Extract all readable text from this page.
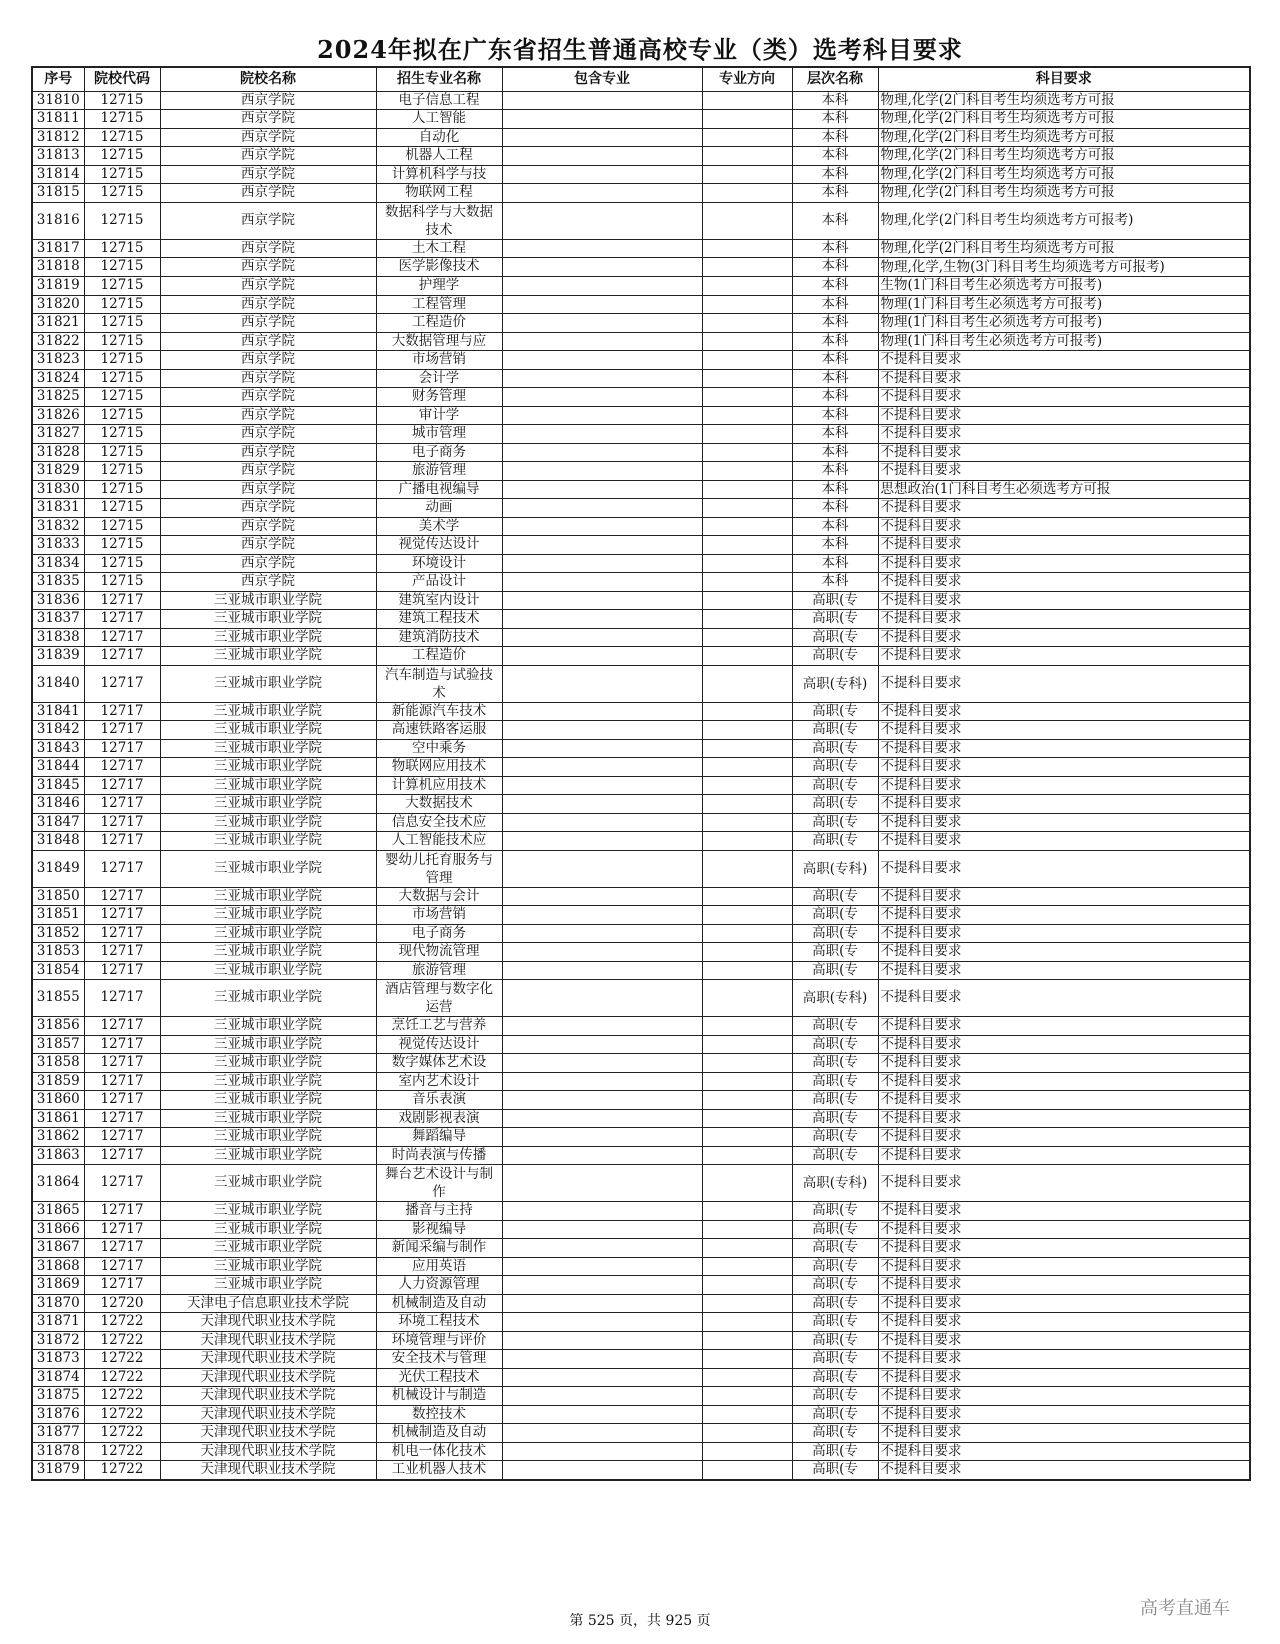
2024年拟在广东省招生普通高校专业（类）选考科目要求
序号	院校代码	院校名称	招生专业名称	包含专业	专业方向	层次名称	科目要求
31810	12715	西京学院	电子信息工程			本科	物理,化学(2门科目考生均须选考方可报
31811	12715	西京学院	人工智能			本科	物理,化学(2门科目考生均须选考方可报
31812	12715	西京学院	自动化			本科	物理,化学(2门科目考生均须选考方可报
31813	12715	西京学院	机器人工程			本科	物理,化学(2门科目考生均须选考方可报
31814	12715	西京学院	计算机科学与技			本科	物理,化学(2门科目考生均须选考方可报
31815	12715	西京学院	物联网工程			本科	物理,化学(2门科目考生均须选考方可报
31816	12715	西京学院	数据科学与大数据技术			本科	物理,化学(2门科目考生均须选考方可报考)
31817	12715	西京学院	土木工程			本科	物理,化学(2门科目考生均须选考方可报
31818	12715	西京学院	医学影像技术			本科	物理,化学,生物(3门科目考生均须选考方可报考)
31819	12715	西京学院	护理学			本科	生物(1门科目考生必须选考方可报考)
31820	12715	西京学院	工程管理			本科	物理(1门科目考生必须选考方可报考)
31821	12715	西京学院	工程造价			本科	物理(1门科目考生必须选考方可报考)
31822	12715	西京学院	大数据管理与应			本科	物理(1门科目考生必须选考方可报考)
31823	12715	西京学院	市场营销			本科	不提科目要求
31824	12715	西京学院	会计学			本科	不提科目要求
31825	12715	西京学院	财务管理			本科	不提科目要求
31826	12715	西京学院	审计学			本科	不提科目要求
31827	12715	西京学院	城市管理			本科	不提科目要求
31828	12715	西京学院	电子商务			本科	不提科目要求
31829	12715	西京学院	旅游管理			本科	不提科目要求
31830	12715	西京学院	广播电视编导			本科	思想政治(1门科目考生必须选考方可报
31831	12715	西京学院	动画			本科	不提科目要求
31832	12715	西京学院	美术学			本科	不提科目要求
31833	12715	西京学院	视觉传达设计			本科	不提科目要求
31834	12715	西京学院	环境设计			本科	不提科目要求
31835	12715	西京学院	产品设计			本科	不提科目要求
31836	12717	三亚城市职业学院	建筑室内设计			高职(专	不提科目要求
31837	12717	三亚城市职业学院	建筑工程技术			高职(专	不提科目要求
31838	12717	三亚城市职业学院	建筑消防技术			高职(专	不提科目要求
31839	12717	三亚城市职业学院	工程造价			高职(专	不提科目要求
31840	12717	三亚城市职业学院	汽车制造与试验技术			高职(专科)	不提科目要求
31841	12717	三亚城市职业学院	新能源汽车技术			高职(专	不提科目要求
31842	12717	三亚城市职业学院	高速铁路客运服			高职(专	不提科目要求
31843	12717	三亚城市职业学院	空中乘务			高职(专	不提科目要求
31844	12717	三亚城市职业学院	物联网应用技术			高职(专	不提科目要求
31845	12717	三亚城市职业学院	计算机应用技术			高职(专	不提科目要求
31846	12717	三亚城市职业学院	大数据技术			高职(专	不提科目要求
31847	12717	三亚城市职业学院	信息安全技术应			高职(专	不提科目要求
31848	12717	三亚城市职业学院	人工智能技术应			高职(专	不提科目要求
31849	12717	三亚城市职业学院	婴幼儿托育服务与管理			高职(专科)	不提科目要求
31850	12717	三亚城市职业学院	大数据与会计			高职(专	不提科目要求
31851	12717	三亚城市职业学院	市场营销			高职(专	不提科目要求
31852	12717	三亚城市职业学院	电子商务			高职(专	不提科目要求
31853	12717	三亚城市职业学院	现代物流管理			高职(专	不提科目要求
31854	12717	三亚城市职业学院	旅游管理			高职(专	不提科目要求
31855	12717	三亚城市职业学院	酒店管理与数字化运营			高职(专科)	不提科目要求
31856	12717	三亚城市职业学院	烹饪工艺与营养			高职(专	不提科目要求
31857	12717	三亚城市职业学院	视觉传达设计			高职(专	不提科目要求
31858	12717	三亚城市职业学院	数字媒体艺术设			高职(专	不提科目要求
31859	12717	三亚城市职业学院	室内艺术设计			高职(专	不提科目要求
31860	12717	三亚城市职业学院	音乐表演			高职(专	不提科目要求
31861	12717	三亚城市职业学院	戏剧影视表演			高职(专	不提科目要求
31862	12717	三亚城市职业学院	舞蹈编导			高职(专	不提科目要求
31863	12717	三亚城市职业学院	时尚表演与传播			高职(专	不提科目要求
31864	12717	三亚城市职业学院	舞台艺术设计与制作			高职(专科)	不提科目要求
31865	12717	三亚城市职业学院	播音与主持			高职(专	不提科目要求
31866	12717	三亚城市职业学院	影视编导			高职(专	不提科目要求
31867	12717	三亚城市职业学院	新闻采编与制作			高职(专	不提科目要求
31868	12717	三亚城市职业学院	应用英语			高职(专	不提科目要求
31869	12717	三亚城市职业学院	人力资源管理			高职(专	不提科目要求
31870	12720	天津电子信息职业技术学院	机械制造及自动			高职(专	不提科目要求
31871	12722	天津现代职业技术学院	环境工程技术			高职(专	不提科目要求
31872	12722	天津现代职业技术学院	环境管理与评价			高职(专	不提科目要求
31873	12722	天津现代职业技术学院	安全技术与管理			高职(专	不提科目要求
31874	12722	天津现代职业技术学院	光伏工程技术			高职(专	不提科目要求
31875	12722	天津现代职业技术学院	机械设计与制造			高职(专	不提科目要求
31876	12722	天津现代职业技术学院	数控技术			高职(专	不提科目要求
31877	12722	天津现代职业技术学院	机械制造及自动			高职(专	不提科目要求
31878	12722	天津现代职业技术学院	机电一体化技术			高职(专	不提科目要求
31879	12722	天津现代职业技术学院	工业机器人技术			高职(专	不提科目要求
第 525 页，共 925 页
高考直通车
